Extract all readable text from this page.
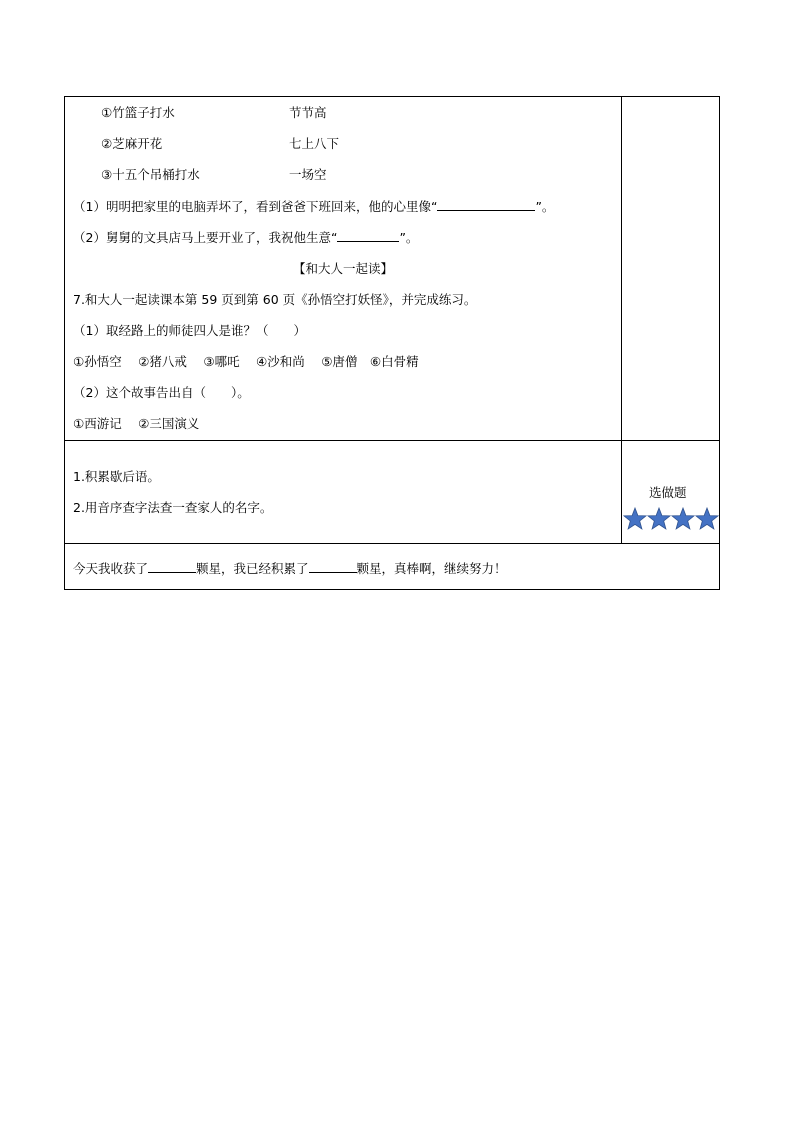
①竹篮子打水	节节高
②芝麻开花	七上八下
③十五个吊桶打水	一场空
（1）明明把家里的电脑弄坏了，看到爸爸下班回来，他的心里像“	”。
（2）舅舅的文具店马上要开业了，我祝他生意“	”。
【和大人一起读】
7.和大人一起读课本第 59 页到第 60 页《孙悟空打妖怪》，并完成练习。
（1）取经路上的师徒四人是谁？（　　）
①孙悟空　 ②猪八戒　 ③哪吒　 ④沙和尚　 ⑤唐僧　⑥白骨精
（2）这个故事告出自（　　）。
①西游记　 ②三国演义
1.积累歇后语。
2.用音序查字法查一查家人的名字。
选做题
今天我收获了	颗星，我已经积累了	颗星，真棒啊，继续努力！
